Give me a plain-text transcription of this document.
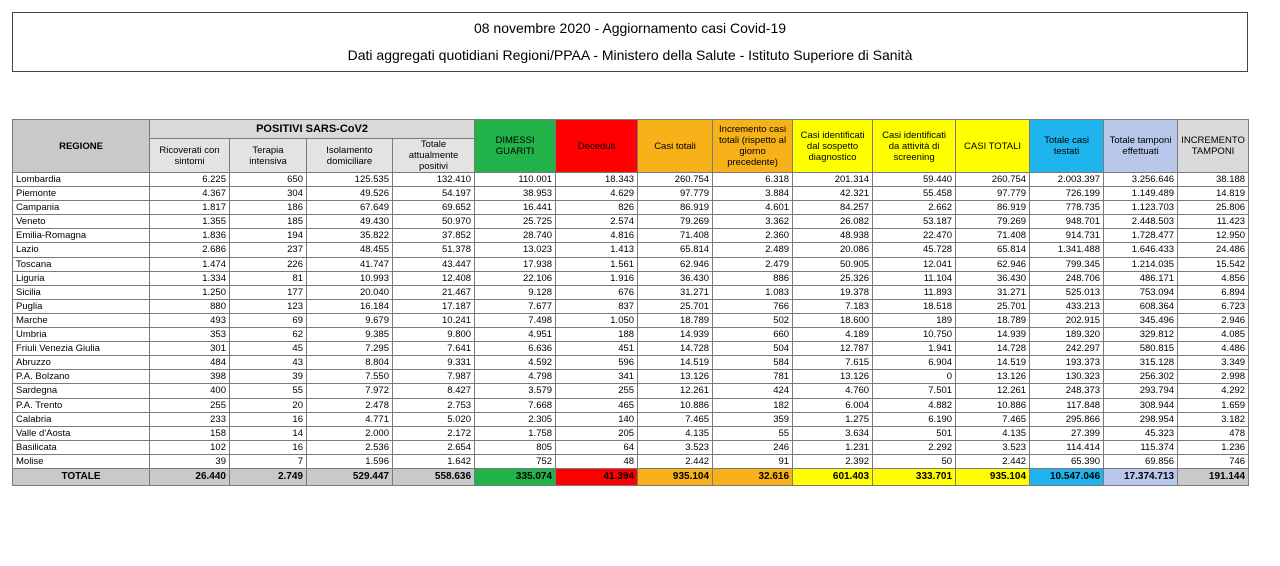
08 novembre 2020 - Aggiornamento casi Covid-19
Dati aggregati quotidiani Regioni/PPAA - Ministero della Salute - Istituto Superiore di Sanità
REGIONE	POSITIVI SARS-CoV2				DIMESSI GUARITI	Deceduti	Casi totali	Incremento casi totali (rispetto al giorno precedente)	Casi identificati dal sospetto diagnostico	Casi identificati da attività di screening	CASI TOTALI	Totale casi testati	Totale tamponi effettuati	INCREMENTO TAMPONI
	Ricoverati con sintomi	Terapia intensiva	Isolamento domiciliare	Totale attualmente positivi										
Lombardia	6.225	650	125.535	132.410	110.001	18.343	260.754	6.318	201.314	59.440	260.754	2.003.397	3.256.646	38.188
Piemonte	4.367	304	49.526	54.197	38.953	4.629	97.779	3.884	42.321	55.458	97.779	726.199	1.149.489	14.819
Campania	1.817	186	67.649	69.652	16.441	826	86.919	4.601	84.257	2.662	86.919	778.735	1.123.703	25.806
Veneto	1.355	185	49.430	50.970	25.725	2.574	79.269	3.362	26.082	53.187	79.269	948.701	2.448.503	11.423
Emilia-Romagna	1.836	194	35.822	37.852	28.740	4.816	71.408	2.360	48.938	22.470	71.408	914.731	1.728.477	12.950
Lazio	2.686	237	48.455	51.378	13.023	1.413	65.814	2.489	20.086	45.728	65.814	1.341.488	1.646.433	24.486
Toscana	1.474	226	41.747	43.447	17.938	1.561	62.946	2.479	50.905	12.041	62.946	799.345	1.214.035	15.542
Liguria	1.334	81	10.993	12.408	22.106	1.916	36.430	886	25.326	11.104	36.430	248.706	486.171	4.856
Sicilia	1.250	177	20.040	21.467	9.128	676	31.271	1.083	19.378	11.893	31.271	525.013	753.094	6.894
Puglia	880	123	16.184	17.187	7.677	837	25.701	766	7.183	18.518	25.701	433.213	608.364	6.723
Marche	493	69	9.679	10.241	7.498	1.050	18.789	502	18.600	189	18.789	202.915	345.496	2.946
Umbria	353	62	9.385	9.800	4.951	188	14.939	660	4.189	10.750	14.939	189.320	329.812	4.085
Friuli Venezia Giulia	301	45	7.295	7.641	6.636	451	14.728	504	12.787	1.941	14.728	242.297	580.815	4.486
Abruzzo	484	43	8.804	9.331	4.592	596	14.519	584	7.615	6.904	14.519	193.373	315.128	3.349
P.A. Bolzano	398	39	7.550	7.987	4.798	341	13.126	781	13.126	0	13.126	130.323	256.302	2.998
Sardegna	400	55	7.972	8.427	3.579	255	12.261	424	4.760	7.501	12.261	248.373	293.794	4.292
P.A. Trento	255	20	2.478	2.753	7.668	465	10.886	182	6.004	4.882	10.886	117.848	308.944	1.659
Calabria	233	16	4.771	5.020	2.305	140	7.465	359	1.275	6.190	7.465	295.866	298.954	3.182
Valle d'Aosta	158	14	2.000	2.172	1.758	205	4.135	55	3.634	501	4.135	27.399	45.323	478
Basilicata	102	16	2.536	2.654	805	64	3.523	246	1.231	2.292	3.523	114.414	115.374	1.236
Molise	39	7	1.596	1.642	752	48	2.442	91	2.392	50	2.442	65.390	69.856	746
TOTALE	26.440	2.749	529.447	558.636	335.074	41.394	935.104	32.616	601.403	333.701	935.104	10.547.046	17.374.713	191.144
